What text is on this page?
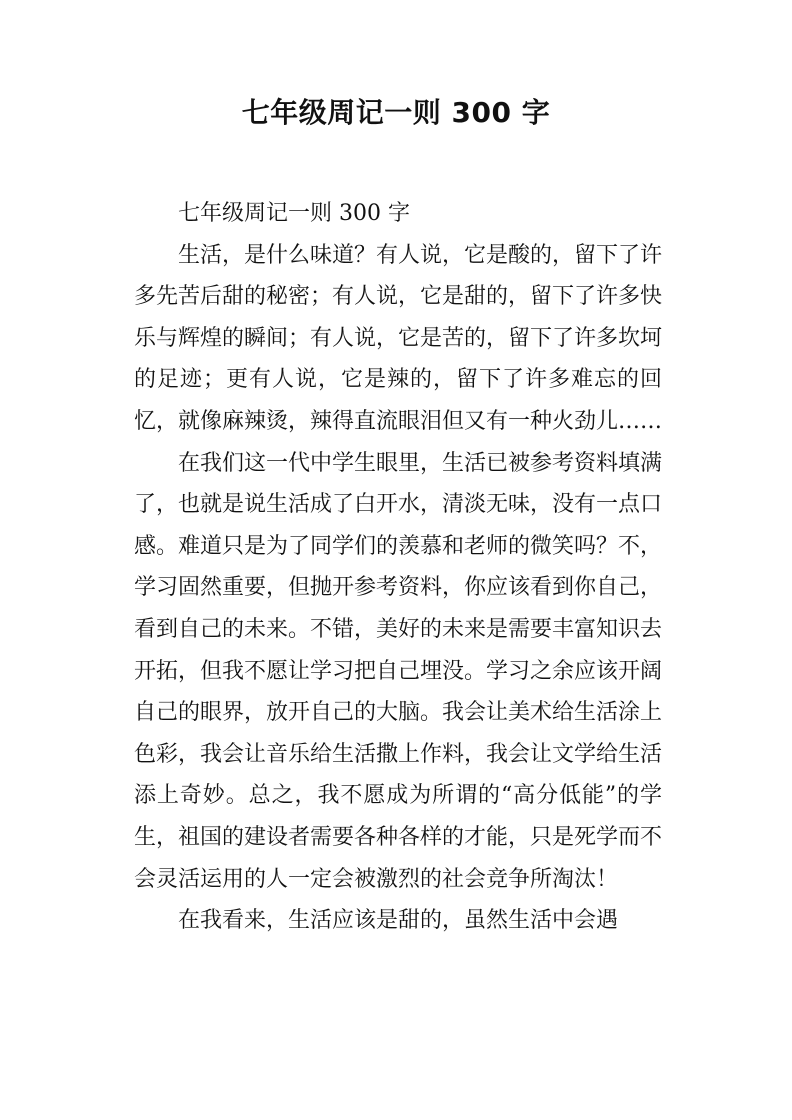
七年级周记一则 300 字

七年级周记一则 300 字

生活，是什么味道？有人说，它是酸的，留下了许多先苦后甜的秘密；有人说，它是甜的，留下了许多快乐与辉煌的瞬间；有人说，它是苦的，留下了许多坎坷的足迹；更有人说，它是辣的，留下了许多难忘的回忆，就像麻辣烫，辣得直流眼泪但又有一种火劲儿……

在我们这一代中学生眼里，生活已被参考资料填满了，也就是说生活成了白开水，清淡无味，没有一点口感。难道只是为了同学们的羡慕和老师的微笑吗？不，学习固然重要，但抛开参考资料，你应该看到你自己，看到自己的未来。不错，美好的未来是需要丰富知识去开拓，但我不愿让学习把自己埋没。学习之余应该开阔自己的眼界，放开自己的大脑。我会让美术给生活涂上色彩，我会让音乐给生活撒上作料，我会让文学给生活添上奇妙。总之，我不愿成为所谓的“高分低能”的学生，祖国的建设者需要各种各样的才能，只是死学而不会灵活运用的人一定会被激烈的社会竞争所淘汰！

在我看来，生活应该是甜的，虽然生活中会遇
